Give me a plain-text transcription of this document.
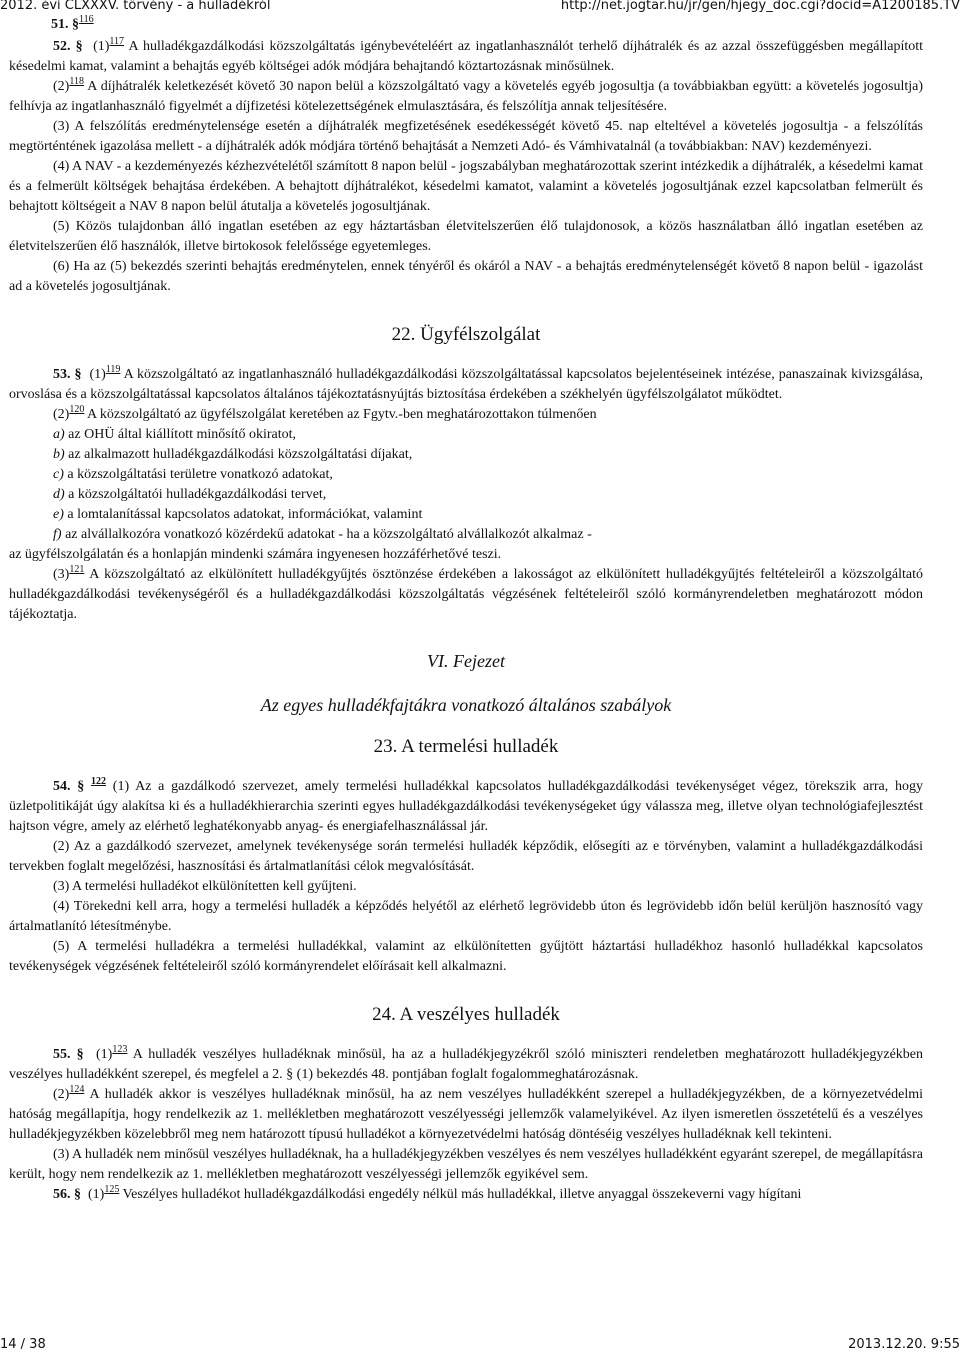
2012. évi CLXXXV. törvény - a hulladékról	http://net.jogtar.hu/jr/gen/hjegy_doc.cgi?docid=A1200185.TV

51. §$^{116}$

52. § $(1)^{117}$ A hulladékgazdálkodási közszolgáltatás igénybevételéért az ingatlanhasználót terhelő díjhátralék és az azzal összefüggésben megállapított késedelmi kamat, valamint a behajtás egyéb költségei adók módjára behajtandó köztartozásnak minősülnek.

$(2)^{118}$ A díjhátralék keletkezését követő 30 napon belül a közszolgáltató vagy a követelés egyéb jogosultja (a továbbiakban együtt: a követelés jogosultja) felhívja az ingatlanhasználó figyelmét a díjfizetési kötelezettségének elmulasztására, és felszólítja annak teljesítésére.

(3) A felszólítás eredménytelensége esetén a díjhátralék megfizetésének esedékességét követő 45. nap elteltével a követelés jogosultja - a felszólítás megtörténtének igazolása mellett - a díjhátralék adók módjára történő behajtását a Nemzeti Adó- és Vámhivatalnál (a továbbiakban: NAV) kezdeményezi.

(4) A NAV - a kezdeményezés kézhezvételétől számított 8 napon belül - jogszabályban meghatározottak szerint intézkedik a díjhátralék, a késedelmi kamat és a felmerült költségek behajtása érdekében. A behajtott díjhátralékot, késedelmi kamatot, valamint a követelés jogosultjának ezzel kapcsolatban felmerült és behajtott költségeit a NAV 8 napon belül átutalja a követelés jogosultjának.

(5) Közös tulajdonban álló ingatlan esetében az egy háztartásban életvitelszerűen élő tulajdonosok, a közös használatban álló ingatlan esetében az életvitelszerűen élő használók, illetve birtokosok felelőssége egyetemleges.

(6) Ha az (5) bekezdés szerinti behajtás eredménytelen, ennek tényéről és okáról a NAV - a behajtás eredménytelenségét követő 8 napon belül - igazolást ad a követelés jogosultjának.

22. Ügyfélszolgálat

53. § $(1)^{119}$ A közszolgáltató az ingatlanhasználó hulladékgazdálkodási közszolgáltatással kapcsolatos bejelentéseinek intézése, panaszainak kivizsgálása, orvoslása és a közszolgáltatással kapcsolatos általános tájékoztatásnyújtás biztosítása érdekében a székhelyén ügyfélszolgálatot működtet.

$(2)^{120}$ A közszolgáltató az ügyfélszolgálat keretében az Fgytv.-ben meghatározottakon túlmenően

a) az OHÜ által kiállított minősítő okiratot,
b) az alkalmazott hulladékgazdálkodási közszolgáltatási díjakat,
c) a közszolgáltatási területre vonatkozó adatokat,
d) a közszolgáltatói hulladékgazdálkodási tervet,
e) a lomtalanítással kapcsolatos adatokat, információkat, valamint
f) az alvállalkozóra vonatkozó közérdekű adatokat - ha a közszolgáltató alvállalkozót alkalmaz -

az ügyfélszolgálatán és a honlapján mindenki számára ingyenesen hozzáférhetővé teszi.

$(3)^{121}$ A közszolgáltató az elkülönített hulladékgyűjtés ösztönzése érdekében a lakosságot az elkülönített hulladékgyűjtés feltételeiről a közszolgáltató hulladékgazdálkodási tevékenységéről és a hulladékgazdálkodási közszolgáltatás végzésének feltételeiről szóló kormányrendeletben meghatározott módon tájékoztatja.

VI. Fejezet
Az egyes hulladékfajtákra vonatkozó általános szabályok
23. A termelési hulladék

54. § $^{122}$ (1) Az a gazdálkodó szervezet, amely termelési hulladékkal kapcsolatos hulladékgazdálkodási tevékenységet végez, törekszik arra, hogy üzletpolitikáját úgy alakítsa ki és a hulladékhierarchia szerinti egyes hulladékgazdálkodási tevékenységeket úgy válassza meg, illetve olyan technológiafejlesztést hajtson végre, amely az elérhető leghatékonyabb anyag- és energiafelhasználással jár.

(2) Az a gazdálkodó szervezet, amelynek tevékenysége során termelési hulladék képződik, elősegíti az e törvényben, valamint a hulladékgazdálkodási tervekben foglalt megelőzési, hasznosítási és ártalmatlanítási célok megvalósítását.

(3) A termelési hulladékot elkülönítetten kell gyűjteni.

(4) Törekedni kell arra, hogy a termelési hulladék a képződés helyétől az elérhető legrövidebb úton és legrövidebb időn belül kerüljön hasznosító vagy ártalmatlanító létesítménybe.

(5) A termelési hulladékra a termelési hulladékkal, valamint az elkülönítetten gyűjtött háztartási hulladékhoz hasonló hulladékkal kapcsolatos tevékenységek végzésének feltételeiről szóló kormányrendelet előírásait kell alkalmazni.

24. A veszélyes hulladék

55. § $(1)^{123}$ A hulladék veszélyes hulladéknak minősül, ha az a hulladékjegyzékről szóló miniszteri rendeletben meghatározott hulladékjegyzékben veszélyes hulladékként szerepel, és megfelel a 2. § (1) bekezdés 48. pontjában foglalt fogalommeghatározásnak.

$(2)^{124}$ A hulladék akkor is veszélyes hulladéknak minősül, ha az nem veszélyes hulladékként szerepel a hulladékjegyzékben, de a környezetvédelmi hatóság megállapítja, hogy rendelkezik az 1. mellékletben meghatározott veszélyességi jellemzők valamelyikével. Az ilyen ismeretlen összetételű és a veszélyes hulladékjegyzékben közelebbről meg nem határozott típusú hulladékot a környezetvédelmi hatóság döntéséig veszélyes hulladéknak kell tekinteni.

(3) A hulladék nem minősül veszélyes hulladéknak, ha a hulladékjegyzékben veszélyes és nem veszélyes hulladékként egyaránt szerepel, de megállapításra került, hogy nem rendelkezik az 1. mellékletben meghatározott veszélyességi jellemzők egyikével sem.

56. § $(1)^{125}$ Veszélyes hulladékot hulladékgazdálkodási engedély nélkül más hulladékkal, illetve anyaggal összekeverni vagy hígítani

14 / 38	2013.12.20. 9:55
